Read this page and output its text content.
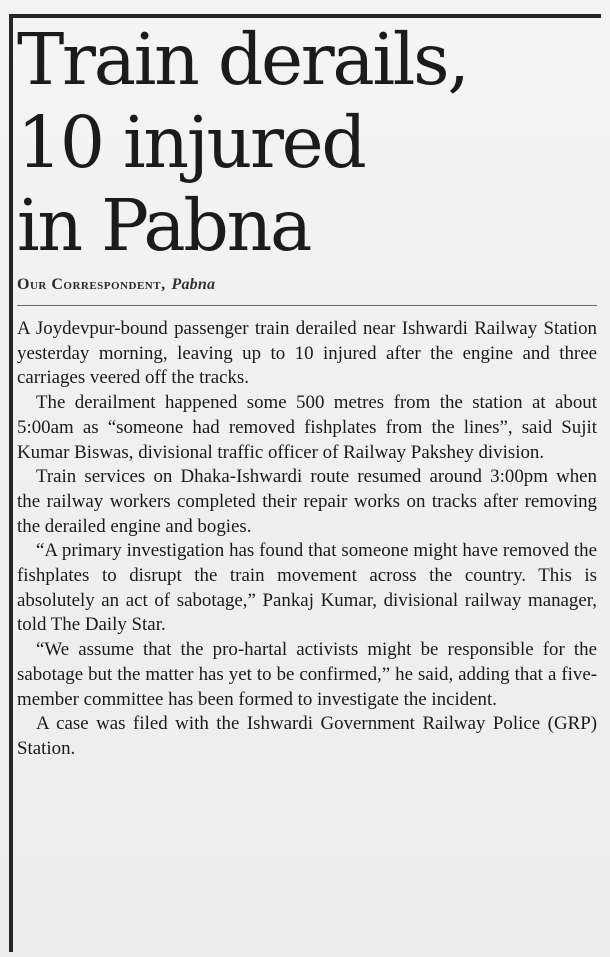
Train derails,
10 injured
in Pabna
Our Correspondent, Pabna

A Joydevpur-bound passenger train derailed near Ishwardi Railway Station yesterday morning, leaving up to 10 injured after the engine and three carriages veered off the tracks.

The derailment happened some 500 metres from the station at about 5:00am as “someone had removed fishplates from the lines”, said Sujit Kumar Biswas, divisional traffic officer of Railway Pakshey division.

Train services on Dhaka-Ishwardi route resumed around 3:00pm when the railway workers completed their repair works on tracks after removing the derailed engine and bogies.

“A primary investigation has found that someone might have removed the fishplates to disrupt the train movement across the country. This is absolutely an act of sabotage,” Pankaj Kumar, divisional railway manager, told The Daily Star.

“We assume that the pro-hartal activists might be responsible for the sabotage but the matter has yet to be confirmed,” he said, adding that a five-member committee has been formed to investigate the incident.

A case was filed with the Ishwardi Government Railway Police (GRP) Station.
